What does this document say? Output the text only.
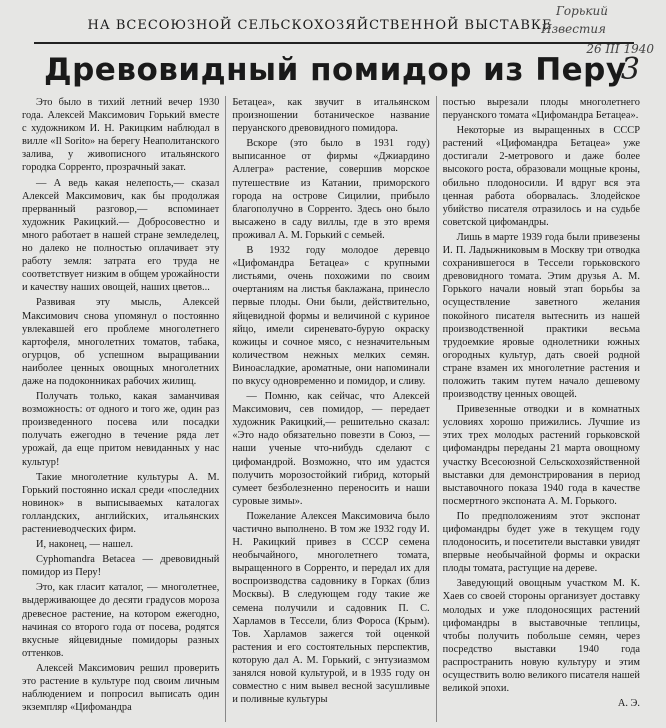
НА ВСЕСОЮЗНОЙ СЕЛЬСКОХОЗЯЙСТВЕННОЙ ВЫСТАВКЕ
Горький
Известия
26 III 1940
3
Древовидный помидор из Перу

Это было в тихий летний вечер 1930 года. Алексей Максимович Горький вместе с художником И. Н. Ракицким наблюдал в вилле «Il Sorito» на берегу Неаполитанского залива, у живописного итальянского городка Сорренто, прозрачный закат.

— А ведь какая нелепость,— сказал Алексей Максимович, как бы продолжая прерванный разговор,— вспоминает художник Ракицкий.— Добросовестно и много работает в нашей стране земледелец, но далеко не полностью оплачивает эту работу земля: затрата его труда не соответствует низким в общем урожайности и качеству наших овощей, наших цветов...

Развивая эту мысль, Алексей Максимович снова упомянул о постоянно увлекавшей его проблеме многолетнего картофеля, многолетних томатов, табака, огурцов, об успешном выращивании наиболее ценных овощных многолетних даже на подоконниках рабочих жилищ.

Получать только, какая заманчивая возможность: от одного и того же, один раз произведенного посева или посадки получать ежегодно в течение ряда лет урожай, да еще притом невиданных у нас культур!

Такие многолетние культуры А. М. Горький постоянно искал среди «последних новинок» в выписываемых каталогах голландских, английских, итальянских растениеводческих фирм.

И, наконец, — нашел.

Cyphomandra Betacea — древовидный помидор из Перу!

Это, как гласит каталог, — многолетнее, выдерживающее до десяти градусов мороза древесное растение, на котором ежегодно, начиная со второго года от посева, родятся вкусные яйцевидные помидоры разных оттенков.

Алексей Максимович решил проверить это растение в культуре под своим личным наблюдением и попросил выписать один экземпляр «Цифомандра

Бетацеа», как звучит в итальянском произношении ботаническое название перуанского древовидного помидора.

Вскоре (это было в 1931 году) выписанное от фирмы «Джиардино Аллегра» растение, совершив морское путешествие из Катании, приморского города на острове Сицилии, прибыло благополучно в Сорренто. Здесь оно было высажено в саду виллы, где в это время проживал А. М. Горький с семьей.

В 1932 году молодое деревцо «Цифомандра Бетацеа» с крупными листьями, очень похожими по своим очертаниям на листья баклажана, принесло первые плоды. Они были, действительно, яйцевидной формы и величиной с куриное яйцо, имели сиреневато-бурую окраску кожицы и сочное мясо, с незначительным количеством нежных мелких семян. Виноасладкие, ароматные, они напоминали по вкусу одновременно и помидор, и сливу.

— Помню, как сейчас, что Алексей Максимович, сев помидор, — передает художник Ракицкий,— решительно сказал: «Это надо обязательно повезти в Союз, — наши ученые что-нибудь сделают с цифомандрой. Возможно, что им удастся получить морозостойкий гибрид, который сумеет безболезненно переносить и наши суровые зимы».

Пожелание Алексея Максимовича было частично выполнено. В том же 1932 году И. Н. Ракицкий привез в СССР семена необычайного, многолетнего томата, выращенного в Сорренто, и передал их для воспроизводства садовнику в Горках (близ Москвы). В следующем году такие же семена получили и садовник П. С. Харламов в Тессели, близ Фороса (Крым). Тов. Харламов зажегся той оценкой растения и его состоятельных перспектив, которую дал А. М. Горький, с энтузиазмом занялся новой культурой, и в 1935 году он совместно с ним вывел весной засушливые и поливные культуры

постью вырезали плоды многолетнего перуанского томата «Цифомандра Бетацеа».

Некоторые из выращенных в СССР растений «Цифомандра Бетацеа» уже достигали 2-метрового и даже более высокого роста, образовали мощные кроны, обильно плодоносили. И вдруг вся эта ценная работа оборвалась. Злодейское убийство писателя отразилось и на судьбе советской цифомандры.

Лишь в марте 1939 года были привезены И. П. Ладыжниковым в Москву три отводка сохранившегося в Тессели горьковского древовидного томата. Этим друзья А. М. Горького начали новый этап борьбы за осуществление заветного желания покойного писателя вытеснить из нашей производственной практики весьма трудоемкие яровые однолетники южных огородных культур, дать своей родной стране взамен их многолетние растения и положить таким путем начало дешевому производству ценных овощей.

Привезенные отводки и в комнатных условиях хорошо прижились. Лучшие из этих трех молодых растений горьковской цифомандры переданы 21 марта овощному участку Всесоюзной Сельскохозяйственной выставки для демонстрирования в период выставочного показа 1940 года в качестве посмертного экспоната А. М. Горького.

По предположениям этот экспонат цифомандры будет уже в текущем году плодоносить, и посетители выставки увидят впервые необычайной формы и окраски плоды томата, растущие на дереве.

Заведующий овощным участком М. К. Хаев со своей стороны организует доставку молодых и уже плодоносящих растений цифомандры в выставочные теплицы, чтобы получить побольше семян, через посредство выставки 1940 года распространить новую культуру и этим осуществить волю великого писателя нашей великой эпохи.

А. Э.
